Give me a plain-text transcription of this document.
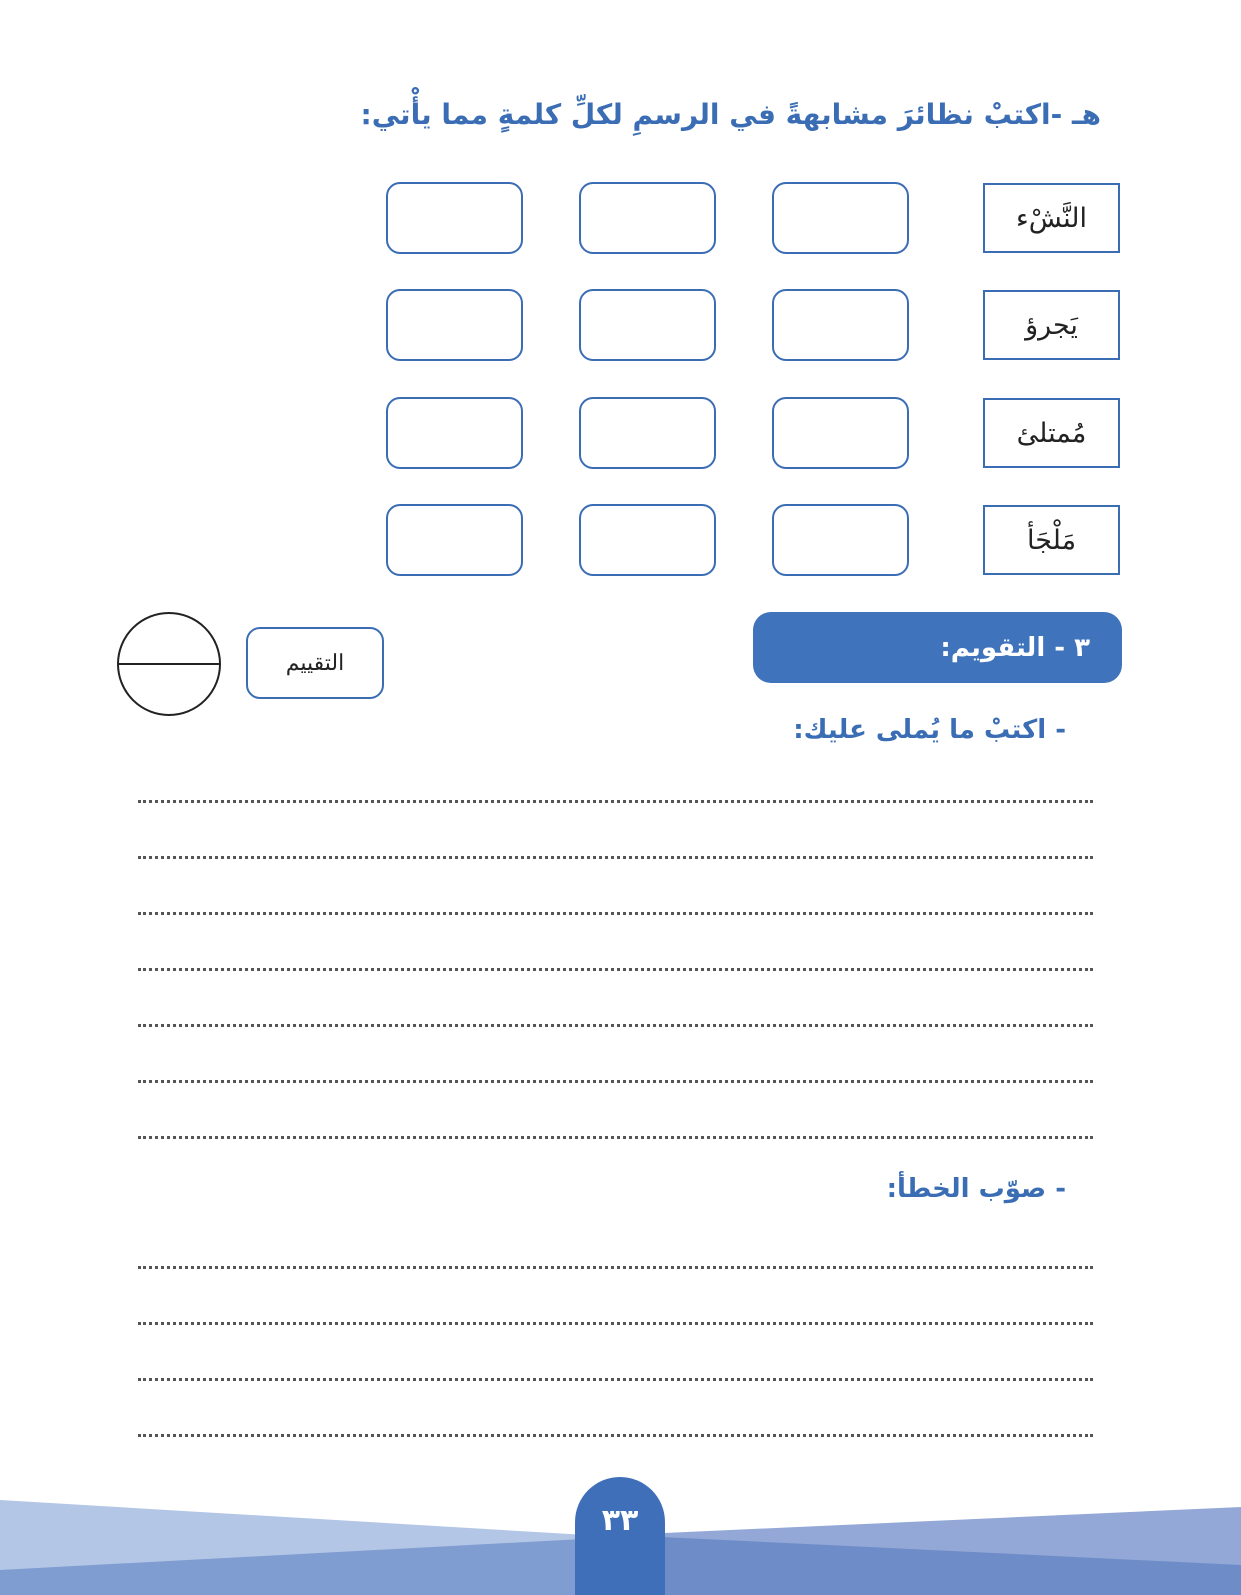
هـ -اكتبْ نظائرَ مشابهةً في الرسمِ لكلِّ كلمةٍ مما يأْتي:
النَّشْء
يَجرؤ
مُمتلئ
مَلْجَأ
٣ - التقويم:
التقييم
- اكتبْ ما يُملى عليك:
- صوّب الخطأ:
٣٣
